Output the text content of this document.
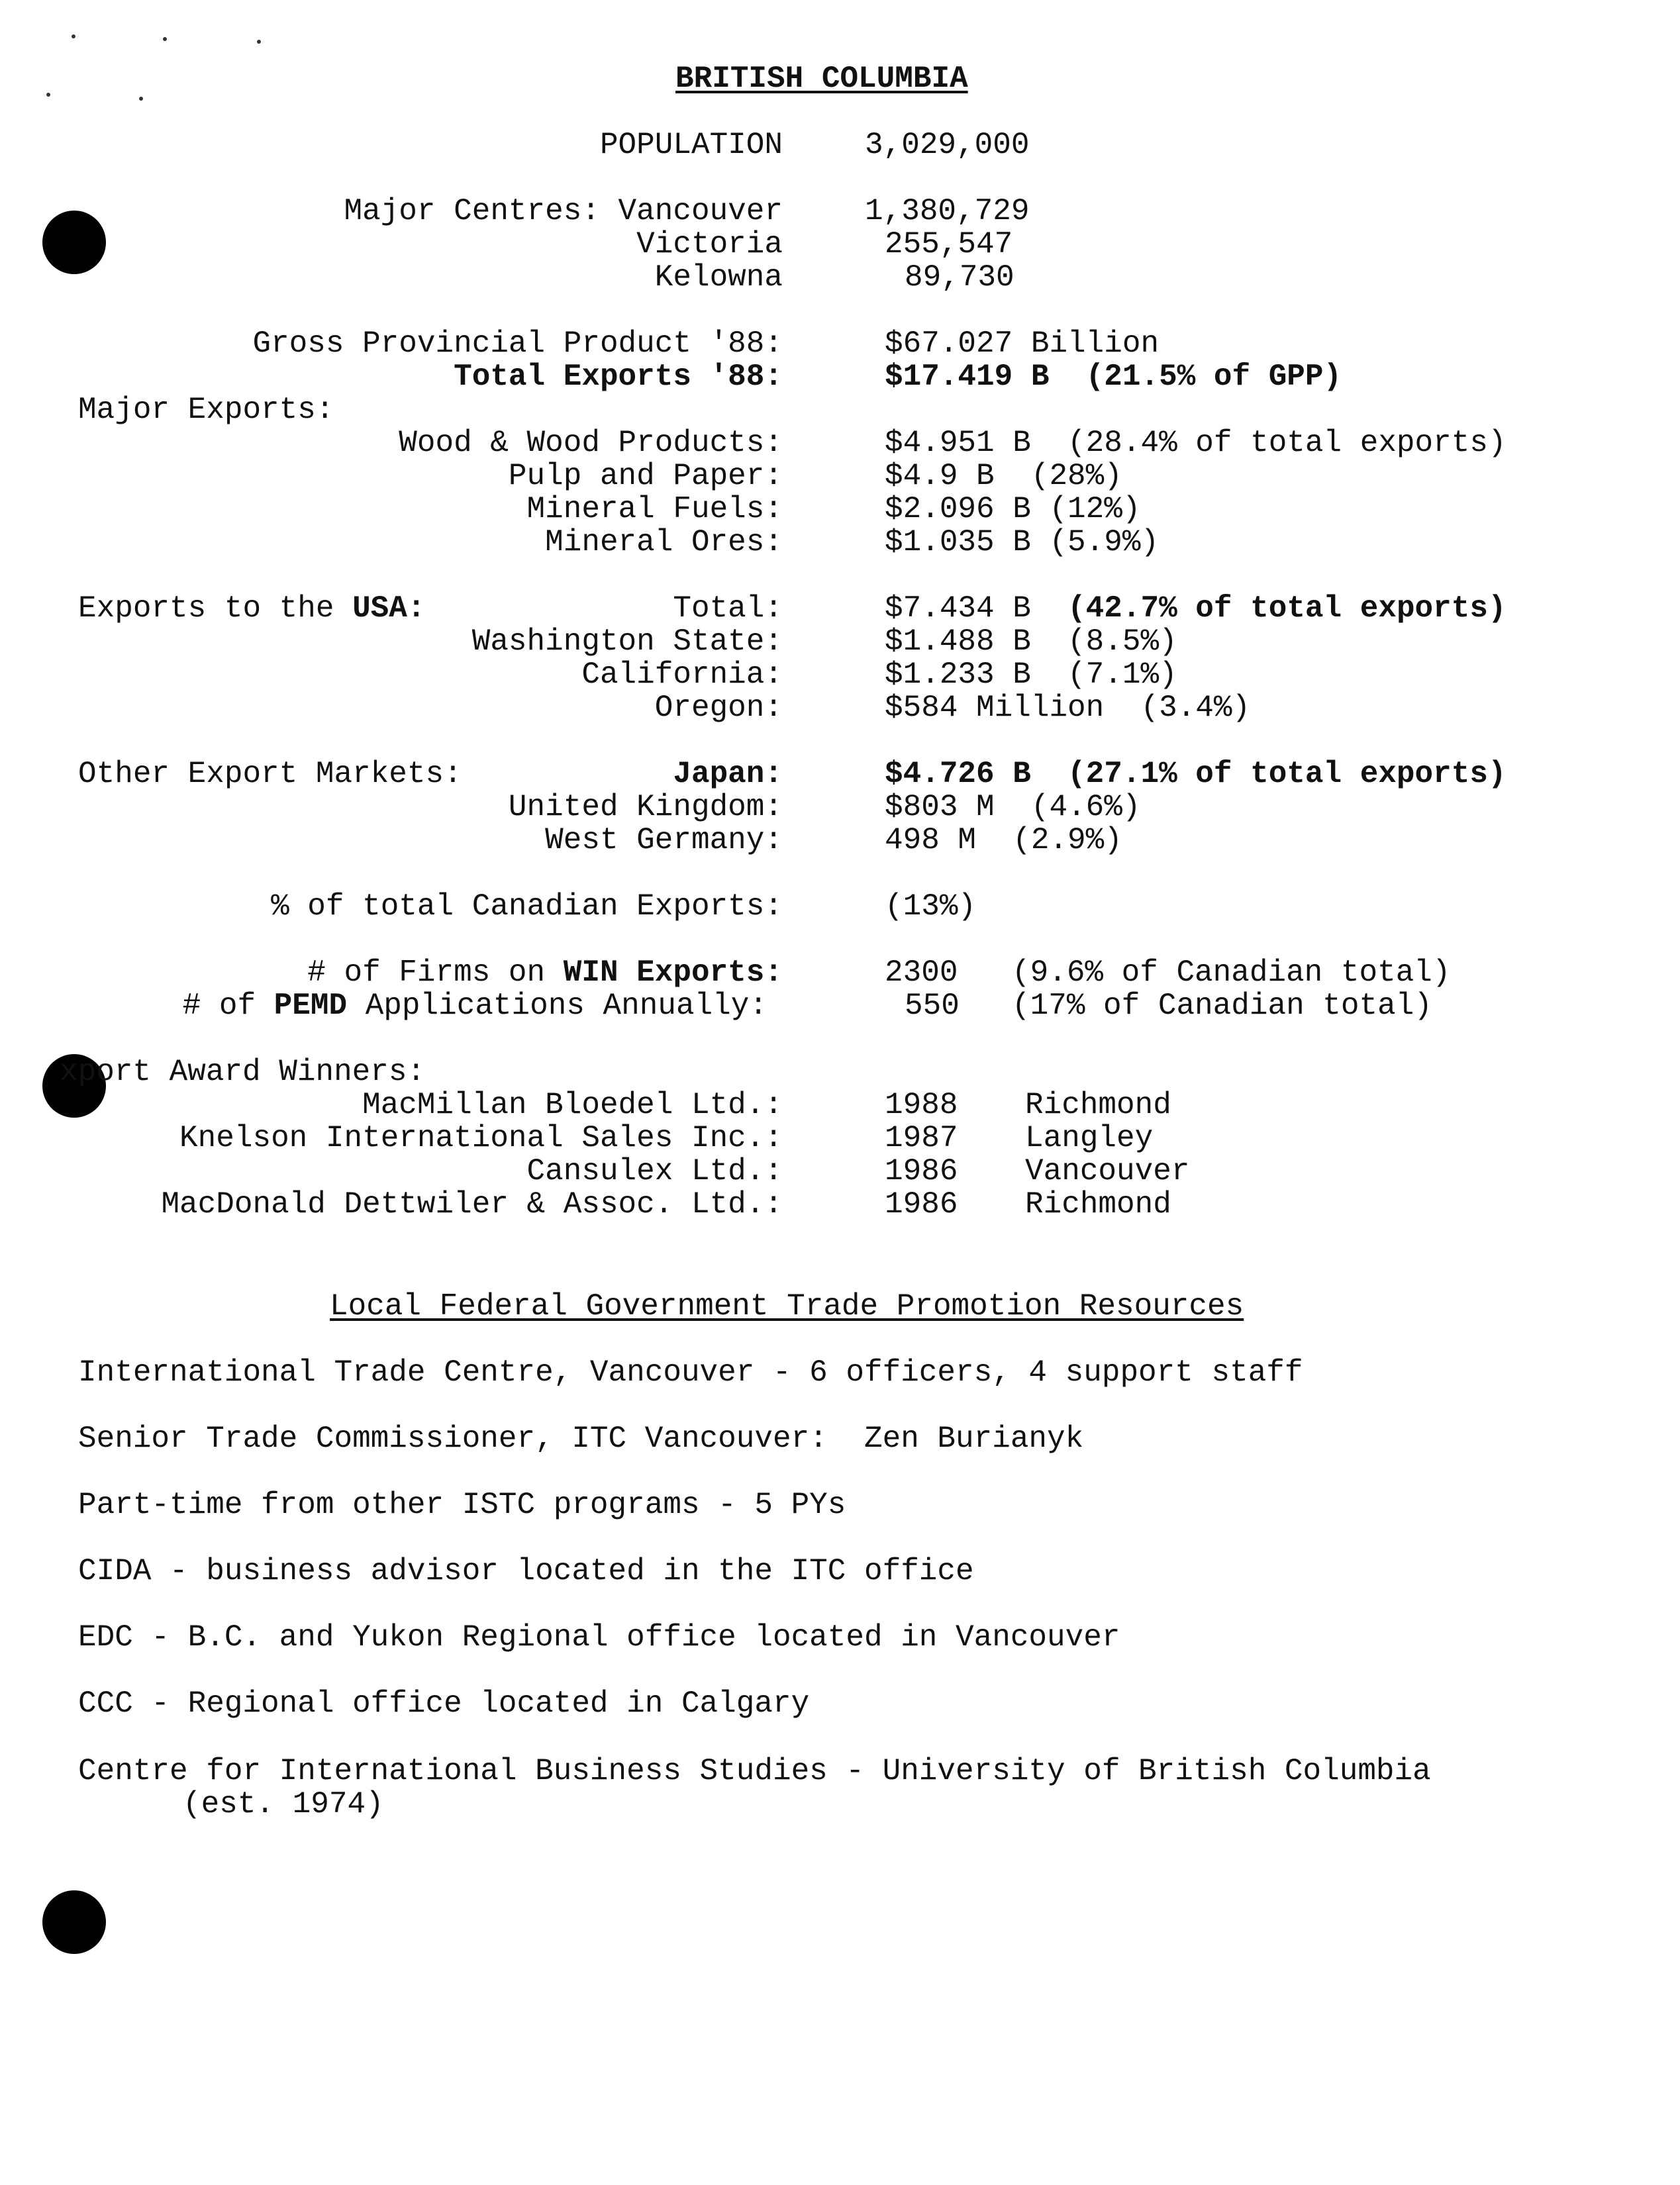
BRITISH COLUMBIA
POPULATION	3,029,000
Major Centres: Vancouver	1,380,729
Victoria	255,547
Kelowna	89,730
Gross Provincial Product '88:	$67.027 Billion
Total Exports '88:	$17.419 B  (21.5% of GPP)
Major Exports:
Wood & Wood Products:	$4.951 B  (28.4% of total exports)
Pulp and Paper:	$4.9 B  (28%)
Mineral Fuels:	$2.096 B (12%)
Mineral Ores:	$1.035 B (5.9%)
Exports to the USA:	Total:	$7.434 B (42.7% of total exports)
Washington State:	$1.488 B  (8.5%)
California:	$1.233 B  (7.1%)
Oregon:	$584 Million  (3.4%)
Other Export Markets:	Japan:	$4.726 B  (27.1% of total exports)
United Kingdom:	$803 M  (4.6%)
West Germany:	498 M  (2.9%)
% of total Canadian Exports:	(13%)
# of Firms on WIN Exports:	2300 (9.6% of Canadian total)
# of PEMD Applications Annually:	550 (17% of Canadian total)
xport Award Winners:
MacMillan Bloedel Ltd.:	1988 Richmond
Knelson International Sales Inc.:	1987 Langley
Cansulex Ltd.:	1986 Vancouver
MacDonald Dettwiler & Assoc. Ltd.:	1986 Richmond
Local Federal Government Trade Promotion Resources
International Trade Centre, Vancouver - 6 officers, 4 support staff
Senior Trade Commissioner, ITC Vancouver:  Zen Burianyk
Part-time from other ISTC programs - 5 PYs
CIDA - business advisor located in the ITC office
EDC - B.C. and Yukon Regional office located in Vancouver
CCC - Regional office located in Calgary
Centre for International Business Studies - University of British Columbia
(est. 1974)
